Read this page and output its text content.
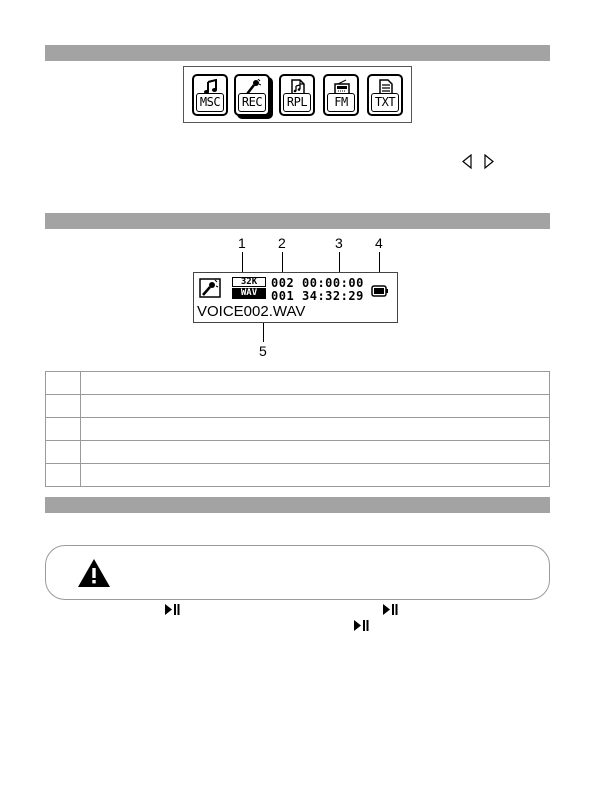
MSC	REC	RPL	FM	TXT
1 2	3 4
5
32K
WAV
002 00:00:00
001 34:32:29
VOICE002.WAV
